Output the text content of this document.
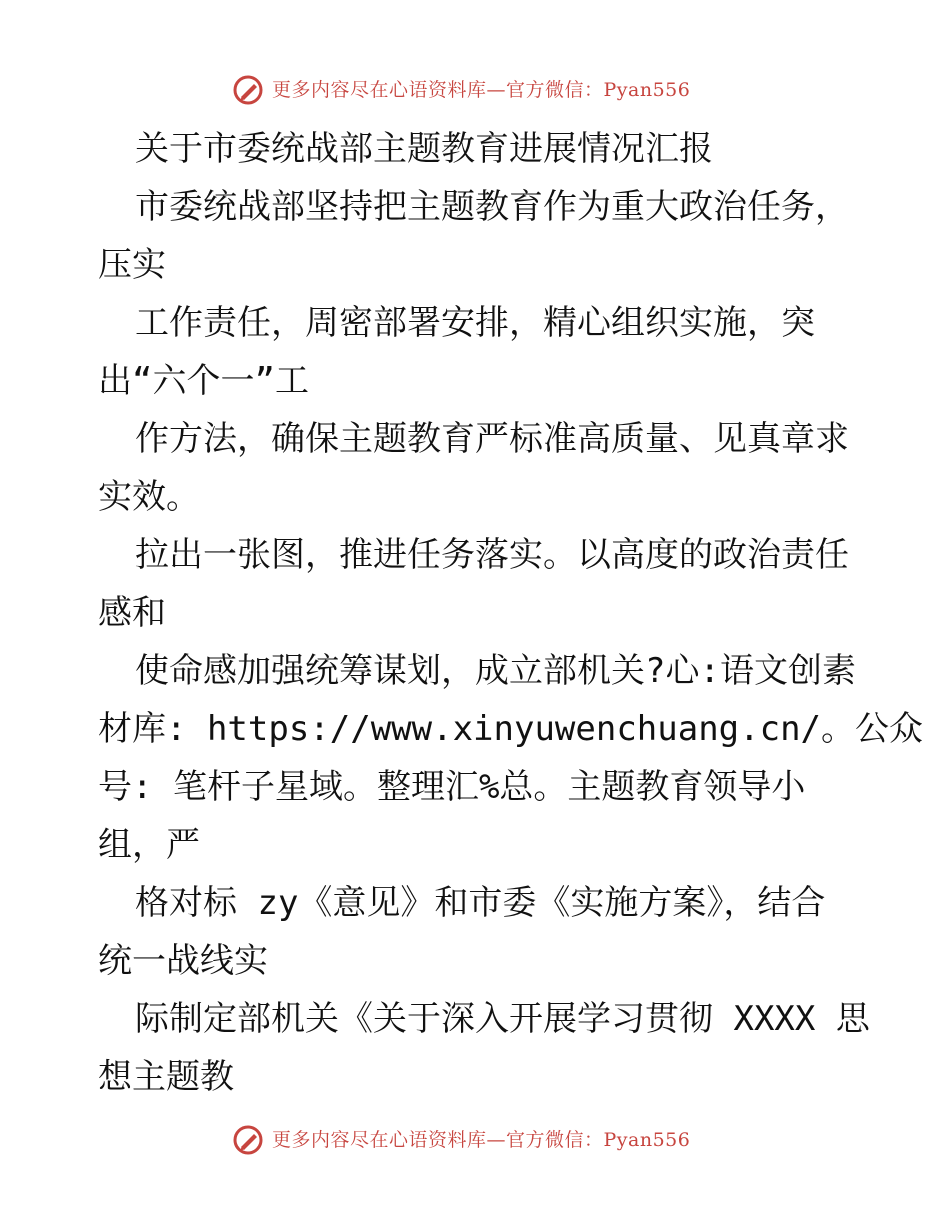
更多内容尽在心语资料库—官方微信：Pyan556
关于市委统战部主题教育进展情况汇报
市委统战部坚持把主题教育作为重大政治任务，
压实
工作责任，周密部署安排，精心组织实施，突
出“六个一”工
作方法，确保主题教育严标准高质量、见真章求
实效。
拉出一张图，推进任务落实。以高度的政治责任
感和
使命感加强统筹谋划，成立部机关?心:语文创素
材库: https://www.xinyuwenchuang.cn/。公众
号: 笔杆子星域。整理汇%总。主题教育领导小
组，严
格对标 zy《意见》和市委《实施方案》，结合
统一战线实
际制定部机关《关于深入开展学习贯彻 XXXX 思
想主题教
更多内容尽在心语资料库—官方微信：Pyan556
